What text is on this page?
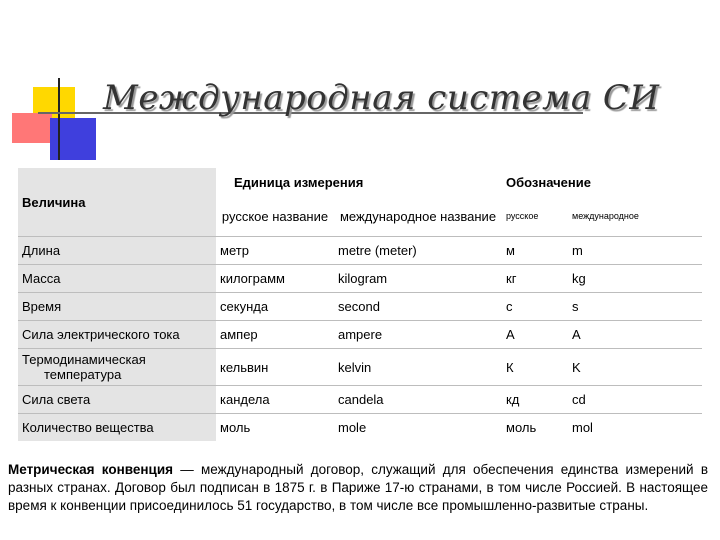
Международная система СИ
Величина	Единица измерения		Обозначение	
	русское название	международное название	русское	международное
Длина	метр	metre (meter)	м	m
Масса	килограмм	kilogram	кг	kg
Время	секунда	second	с	s
Сила электрического тока	ампер	ampere	А	A
Термодинамическая
температура	кельвин	kelvin	К	K
Сила света	кандела	candela	кд	cd
Количество вещества	моль	mole	моль	mol

Метрическая конвенция — международный договор, служащий для обеспечения единства измерений в разных странах. Договор был подписан в 1875 г. в Париже 17-ю странами, в том числе Россией. В настоящее время к конвенции присоединилось 51 государство, в том числе все промышленно-развитые страны.
